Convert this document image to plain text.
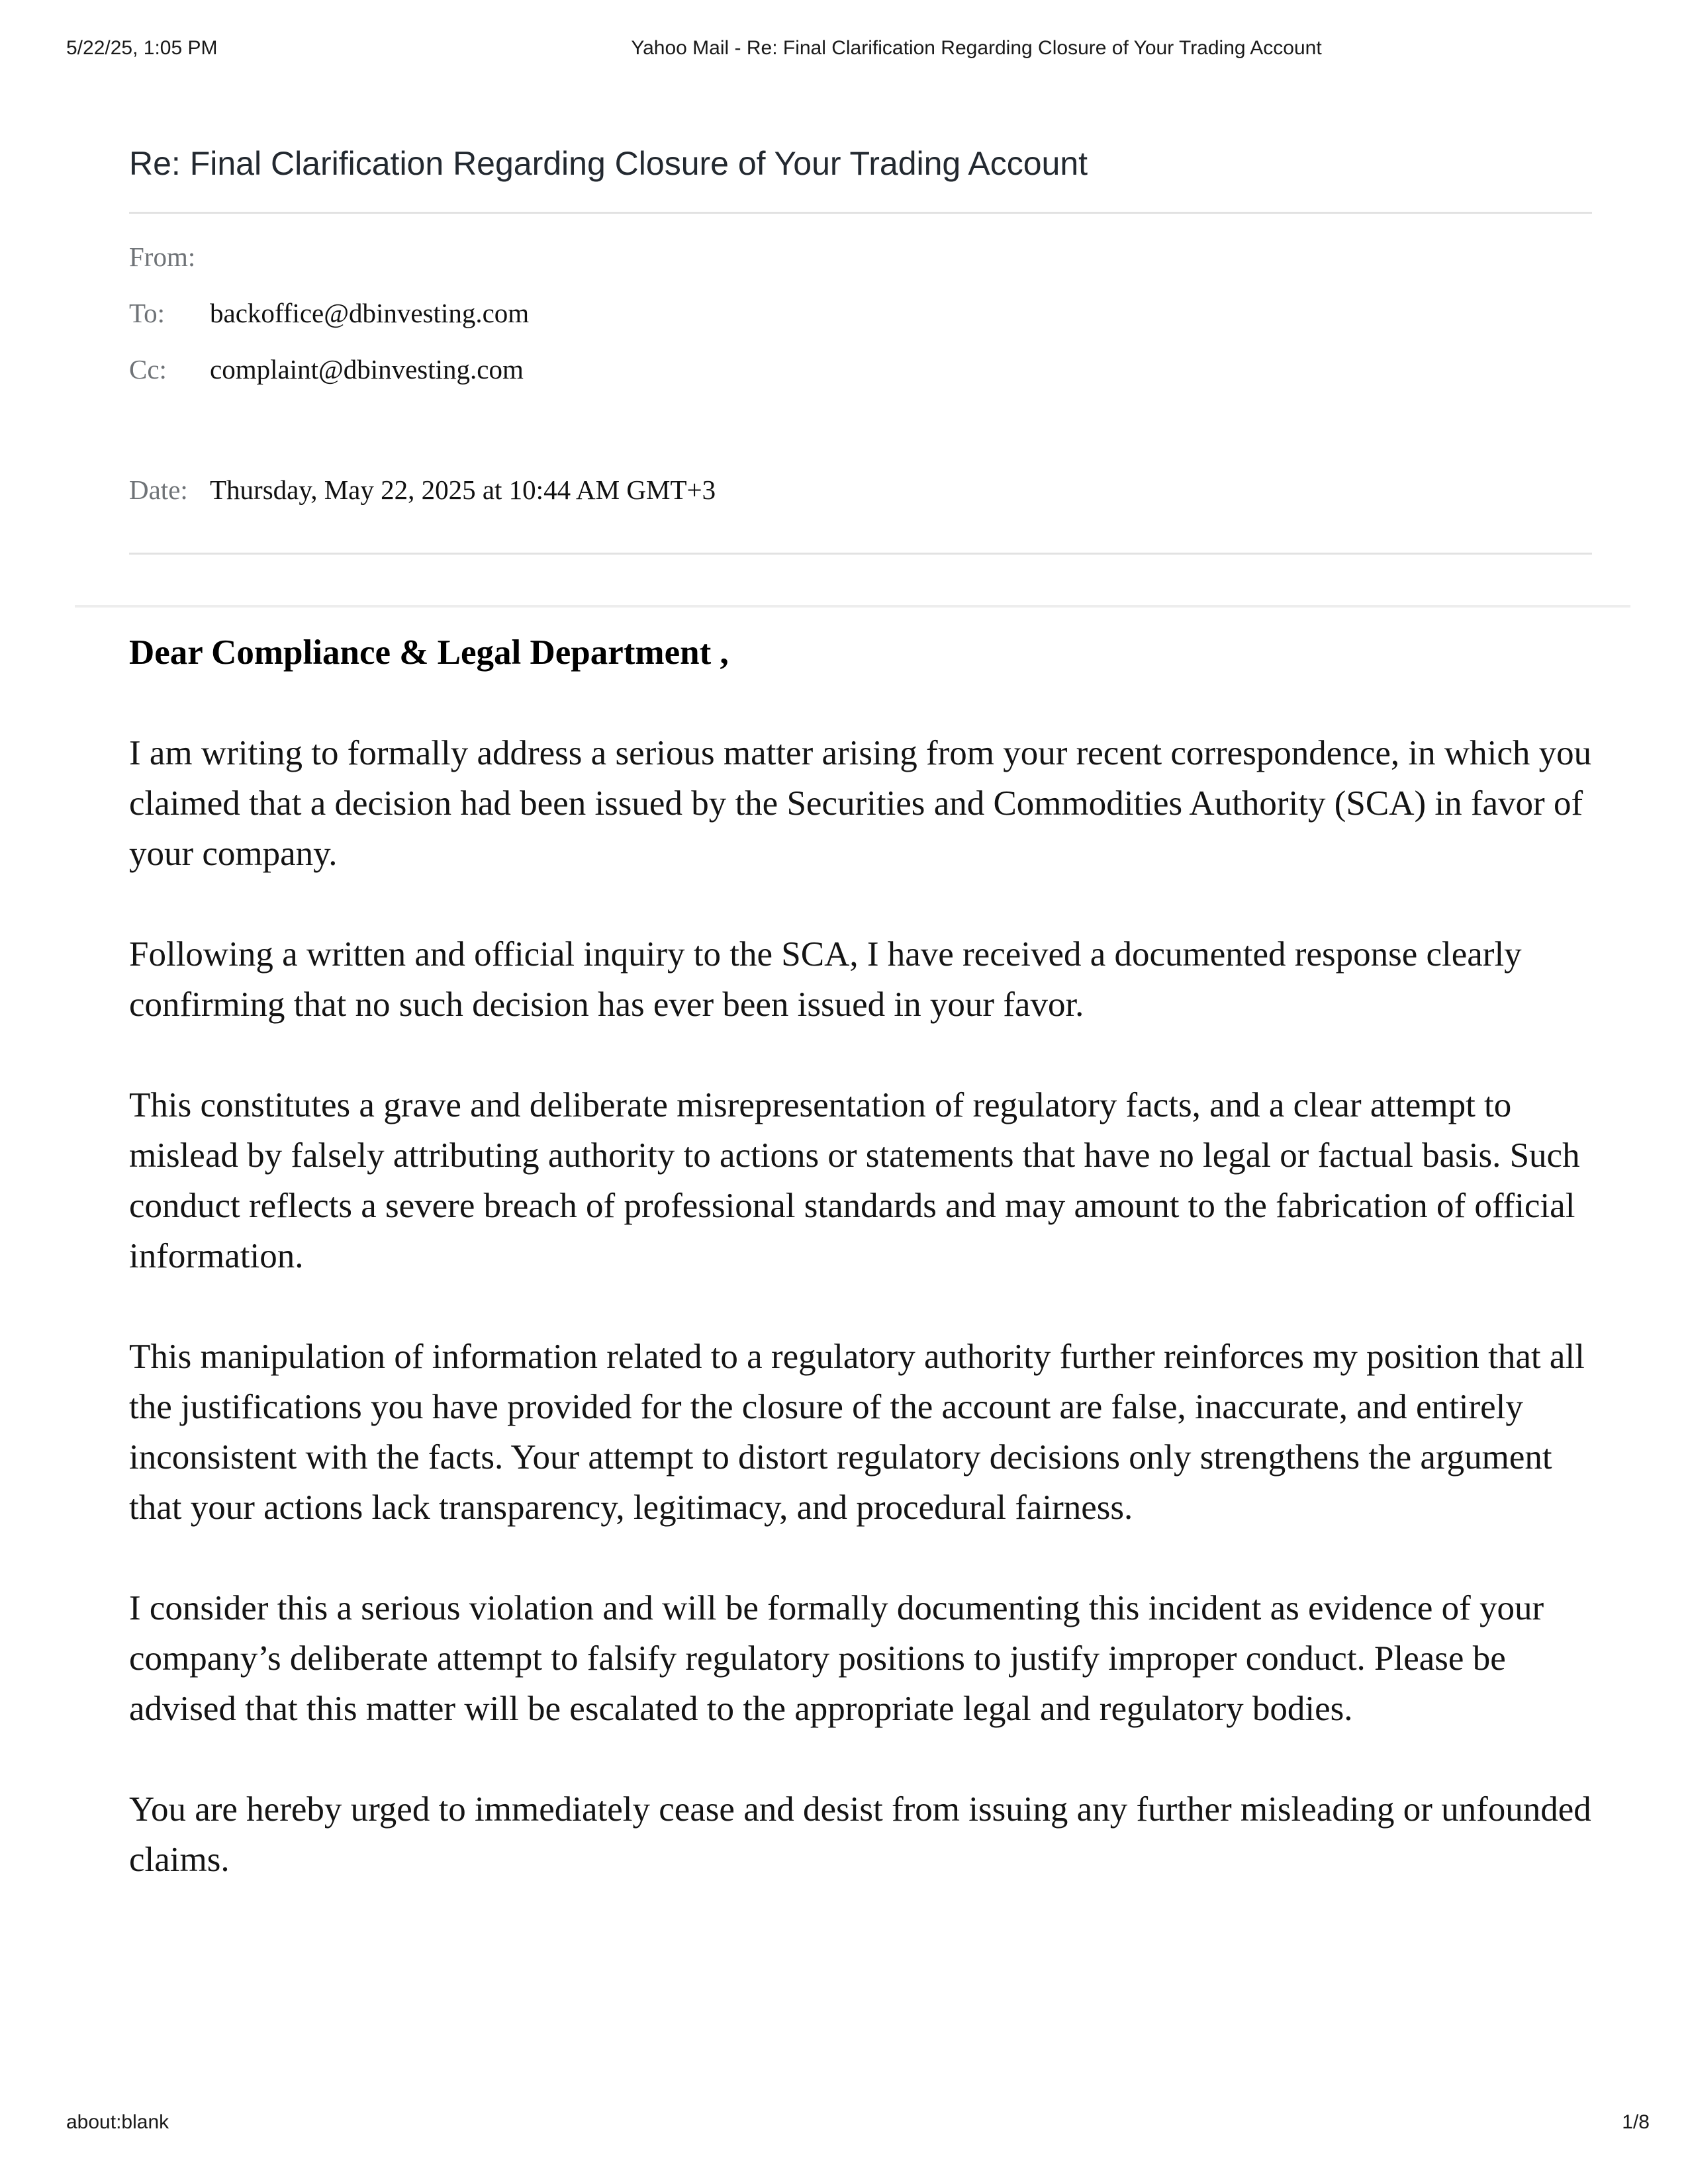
5/22/25, 1:05 PM	Yahoo Mail - Re: Final Clarification Regarding Closure of Your Trading Account
Re: Final Clarification Regarding Closure of Your Trading Account
From:
To:	backoffice@dbinvesting.com
Cc:	complaint@dbinvesting.com
Date: Thursday, May 22, 2025 at 10:44 AM GMT+3

Dear Compliance & Legal Department ,

I am writing to formally address a serious matter arising from your recent correspondence, in which you claimed that a decision had been issued by the Securities and Commodities Authority (SCA) in favor of your company.

Following a written and official inquiry to the SCA, I have received a documented response clearly confirming that no such decision has ever been issued in your favor.

This constitutes a grave and deliberate misrepresentation of regulatory facts, and a clear attempt to mislead by falsely attributing authority to actions or statements that have no legal or factual basis. Such conduct reflects a severe breach of professional standards and may amount to the fabrication of official information.

This manipulation of information related to a regulatory authority further reinforces my position that all the justifications you have provided for the closure of the account are false, inaccurate, and entirely inconsistent with the facts. Your attempt to distort regulatory decisions only strengthens the argument that your actions lack transparency, legitimacy, and procedural fairness.

I consider this a serious violation and will be formally documenting this incident as evidence of your company’s deliberate attempt to falsify regulatory positions to justify improper conduct. Please be advised that this matter will be escalated to the appropriate legal and regulatory bodies.

You are hereby urged to immediately cease and desist from issuing any further misleading or unfounded claims.

about:blank	1/8
